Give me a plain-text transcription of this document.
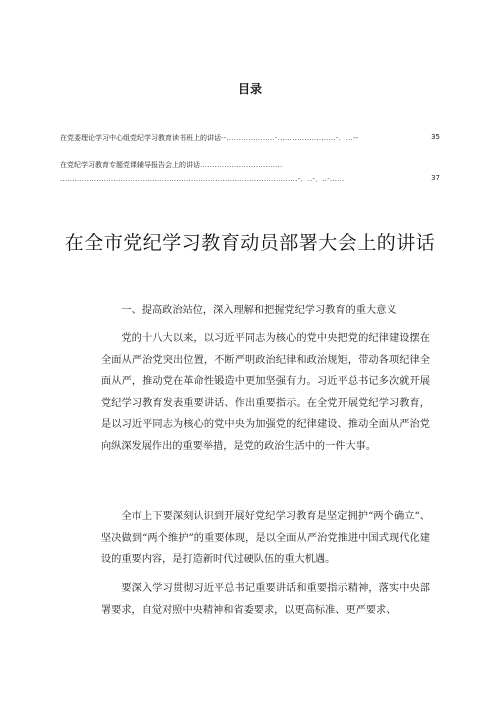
目录
在党委理论学习中心组党纪学习教育读书班上的讲话--....................-........................-．...--	35
在党纪学习教育专题党课辅导报告会上的讲话..................................
..................................................................................................-．..-．..-......	37
在全市党纪学习教育动员部署大会上的讲话

一、提高政治站位，深入理解和把握党纪学习教育的重大意义

党的十八大以来，以习近平同志为核心的党中央把党的纪律建设摆在全面从严治党突出位置，不断严明政治纪律和政治规矩，带动各项纪律全面从严，推动党在革命性锻造中更加坚强有力。习近平总书记多次就开展党纪学习教育发表重要讲话、作出重要指示。在全党开展党纪学习教育，是以习近平同志为核心的党中央为加强党的纪律建设、推动全面从严治党向纵深发展作出的重要举措，是党的政治生活中的一件大事。

全市上下要深刻认识到开展好党纪学习教育是坚定拥护“两个确立“、坚决做到“两个维护”的重要体现，是以全面从严治党推进中国式现代化建设的重要内容，是打造新时代过硬队伍的重大机遇。

要深入学习贯彻习近平总书记重要讲话和重要指示精神，落实中央部署要求，自觉对照中央精神和省委要求，以更高标准、更严要求、
